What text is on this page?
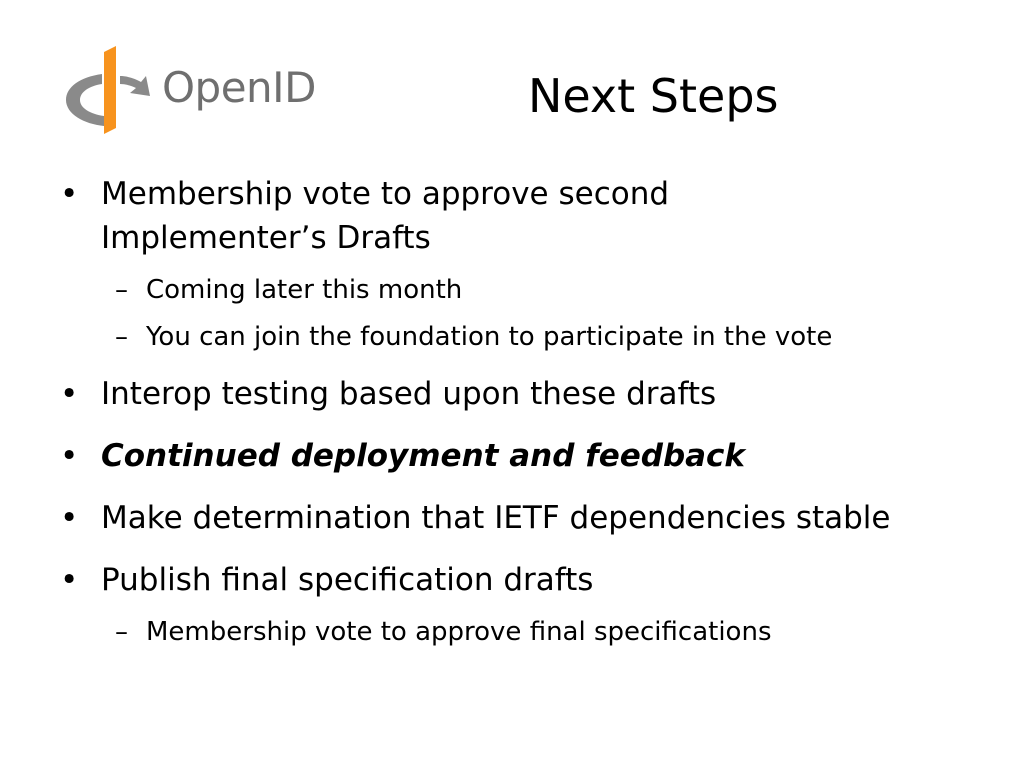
OpenID	Next Steps
• Membership vote to approve second
Implementer’s Drafts
– Coming later this month
– You can join the foundation to participate in the vote
• Interop testing based upon these drafts
• Continued deployment and feedback
• Make determination that IETF dependencies stable
• Publish final specification drafts
– Membership vote to approve final specifications
